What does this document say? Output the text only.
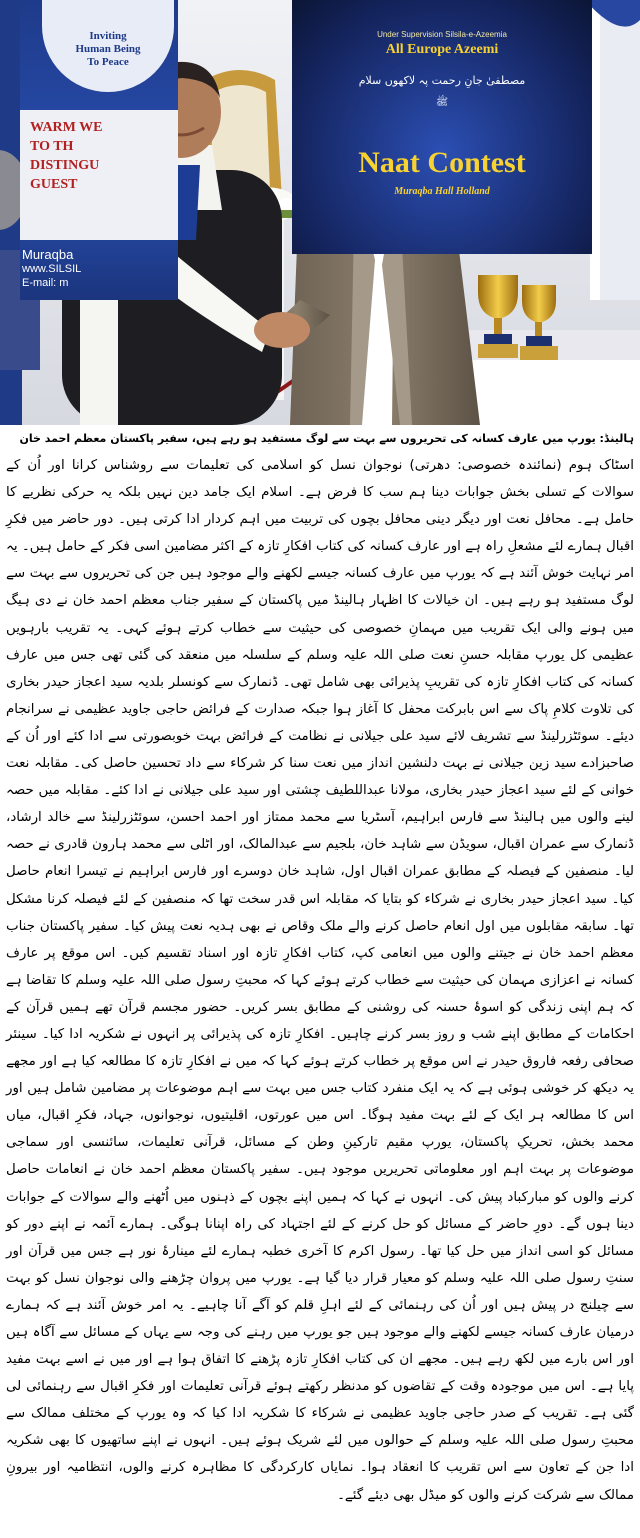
Inviting
Human Being
To Peace
WARM WE
TO TH
DISTINGU
GUEST
Muraqba
www.SILSIL
E-mail: m
Under Supervision Silsila-e-Azeemia
All Europe Azeemi
مصطفیٰ جانِ رحمت پہ لاکھوں سلام
ﷺ
Naat Contest
Muraqba Hall Holland
ہالینڈ: یورپ میں عارف کسانہ کی تحریروں سے بہت سے لوگ مستفید ہو رہے ہیں، سفیر پاکستان معظم احمد خان

اسٹاک ہوم (نمائندہ خصوصی: دھرتی) نوجوان نسل کو اسلامی کی تعلیمات سے روشناس کرانا اور اُن کے سوالات کے تسلی بخش جوابات دینا ہم سب کا فرض ہے۔ اسلام ایک جامد دین نہیں بلکہ یہ حرکی نظریے کا حامل ہے۔ محافل نعت اور دیگر دینی محافل بچوں کی تربیت میں اہم کردار ادا کرتی ہیں۔ دور حاضر میں فکرِ اقبال ہمارے لئے مشعلِ راہ ہے اور عارف کسانہ کی کتاب افکارِ تازہ کے اکثر مضامین اسی فکر کے حامل ہیں۔ یہ امر نہایت خوش آئند ہے کہ یورپ میں عارف کسانہ جیسے لکھنے والے موجود ہیں جن کی تحریروں سے بہت سے لوگ مستفید ہو رہے ہیں۔ ان خیالات کا اظہار ہالینڈ میں پاکستان کے سفیر جناب معظم احمد خان نے دی ہیگ میں ہونے والی ایک تقریب میں مہمانِ خصوصی کی حیثیت سے خطاب کرتے ہوئے کہی۔ یہ تقریب بارہویں عظیمی کل یورپ مقابلہ حسنِ نعت صلی اللہ علیہ وسلم کے سلسلہ میں منعقد کی گئی تھی جس میں عارف کسانہ کی کتاب افکارِ تازہ کی تقریبِ پذیرائی بھی شامل تھی۔ ڈنمارک سے کونسلر بلدیہ سید اعجاز حیدر بخاری کی تلاوت کلامِ پاک سے اس بابرکت محفل کا آغاز ہوا جبکہ صدارت کے فرائض حاجی جاوید عظیمی نے سرانجام دیئے۔ سوئٹزرلینڈ سے تشریف لائے سید علی جیلانی نے نظامت کے فرائض بہت خوبصورتی سے ادا کئے اور اُن کے صاحبزادے سید زین جیلانی نے بہت دلنشین انداز میں نعت سنا کر شرکاء سے داد تحسین حاصل کی۔ مقابلہ نعت خوانی کے لئے سید اعجاز حیدر بخاری، مولانا عبداللطیف چشتی اور سید علی جیلانی نے ادا کئے۔ مقابلہ میں حصہ لینے والوں میں ہالینڈ سے فارس ابراہیم، آسٹریا سے محمد ممتاز اور احمد احسن، سوئٹزرلینڈ سے خالد ارشاد، ڈنمارک سے عمران اقبال، سویڈن سے شاہد خان، بلجیم سے عبدالمالک، اور اٹلی سے محمد ہارون قادری نے حصہ لیا۔ منصفین کے فیصلہ کے مطابق عمران اقبال اول، شاہد خان دوسرے اور فارس ابراہیم نے تیسرا انعام حاصل کیا۔ سید اعجاز حیدر بخاری نے شرکاء کو بتایا کہ مقابلہ اس قدر سخت تھا کہ منصفین کے لئے فیصلہ کرنا مشکل تھا۔ سابقہ مقابلوں میں اول انعام حاصل کرنے والے ملک وقاص نے بھی ہدیہ نعت پیش کیا۔ سفیر پاکستان جناب معظم احمد خان نے جیتنے والوں میں انعامی کپ، کتاب افکارِ تازہ اور اسناد تقسیم کیں۔ اس موقع پر عارف کسانہ نے اعزازی مہمان کی حیثیت سے خطاب کرتے ہوئے کہا کہ محبتِ رسول صلی اللہ علیہ وسلم کا تقاضا ہے کہ ہم اپنی زندگی کو اسوۂ حسنہ کی روشنی کے مطابق بسر کریں۔ حضور مجسم قرآن تھے ہمیں قرآن کے احکامات کے مطابق اپنے شب و روز بسر کرنے چاہیں۔ افکارِ تازہ کی پذیرائی پر انہوں نے شکریہ ادا کیا۔ سینئر صحافی رفعہ فاروق حیدر نے اس موقع پر خطاب کرتے ہوئے کہا کہ میں نے افکارِ تازہ کا مطالعہ کیا ہے اور مجھے یہ دیکھ کر خوشی ہوئی ہے کہ یہ ایک منفرد کتاب جس میں بہت سے اہم موضوعات پر مضامین شامل ہیں اور اس کا مطالعہ ہر ایک کے لئے بہت مفید ہوگا۔ اس میں عورتوں، اقلیتیوں، نوجوانوں، جہاد، فکرِ اقبال، میاں محمد بخش، تحریکِ پاکستان، یورپ مقیم تارکینِ وطن کے مسائل، قرآنی تعلیمات، سائنسی اور سماجی موضوعات پر بہت اہم اور معلوماتی تحریریں موجود ہیں۔ سفیر پاکستان معظم احمد خان نے انعامات حاصل کرنے والوں کو مبارکباد پیش کی۔ انہوں نے کہا کہ ہمیں اپنے بچوں کے ذہنوں میں اُٹھنے والے سوالات کے جوابات دینا ہوں گے۔ دورِ حاضر کے مسائل کو حل کرنے کے لئے اجتہاد کی راہ اپنانا ہوگی۔ ہمارے آئمہ نے اپنے دور کو مسائل کو اسی انداز میں حل کیا تھا۔ رسول اکرم کا آخری خطبہ ہمارے لئے مینارۂ نور ہے جس میں قرآن اور سنتِ رسول صلی اللہ علیہ وسلم کو معیار قرار دیا گیا ہے۔ یورپ میں پروان چڑھنے والی نوجوان نسل کو بہت سے چیلنج در پیش ہیں اور اُن کی رہنمائی کے لئے اہلِ قلم کو آگے آنا چاہیے۔ یہ امر خوش آئند ہے کہ ہمارے درمیان عارف کسانہ جیسے لکھنے والے موجود ہیں جو یورپ میں رہنے کی وجہ سے یہاں کے مسائل سے آگاہ ہیں اور اس بارے میں لکھ رہے ہیں۔ مجھے ان کی کتاب افکارِ تازہ پڑھنے کا اتفاق ہوا ہے اور میں نے اسے بہت مفید پایا ہے۔ اس میں موجودہ وقت کے تقاضوں کو مدنظر رکھتے ہوئے قرآنی تعلیمات اور فکرِ اقبال سے رہنمائی لی گئی ہے۔ تقریب کے صدر حاجی جاوید عظیمی نے شرکاء کا شکریہ ادا کیا کہ وہ یورپ کے مختلف ممالک سے محبتِ رسول صلی اللہ علیہ وسلم کے حوالوں میں لئے شریک ہوئے ہیں۔ انہوں نے اپنے ساتھیوں کا بھی شکریہ ادا جن کے تعاون سے اس تقریب کا انعقاد ہوا۔ نمایاں کارکردگی کا مظاہرہ کرنے والوں، انتظامیہ اور بیرونِ ممالک سے شرکت کرنے والوں کو میڈل بھی دیئے گئے۔
